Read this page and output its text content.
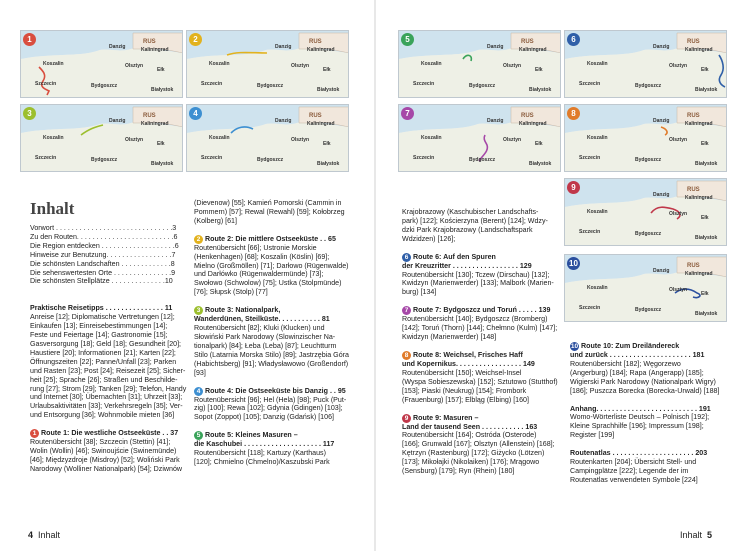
1	RUS
Kaliningrad
Koszalin
Danzig
Olsztyn
Ełk
Szczecin	Bydgoszcz
Białystok
2	RUS
Kaliningrad
Koszalin
Danzig
Olsztyn
Ełk
Szczecin	Bydgoszcz
Białystok
3	RUS
Kaliningrad
Koszalin
Danzig
Olsztyn
Ełk
Szczecin	Bydgoszcz
Białystok
4	RUS
Kaliningrad
Koszalin
Danzig
Olsztyn
Ełk
Szczecin	Bydgoszcz
Białystok
5	RUS
Kaliningrad
Koszalin
Danzig
Olsztyn
Ełk
Szczecin	Bydgoszcz
Białystok
6	RUS
Kaliningrad
Koszalin
Danzig
Olsztyn
Ełk
Szczecin	Bydgoszcz
Białystok
7	RUS
Kaliningrad
Koszalin
Danzig
Olsztyn
Ełk
Szczecin	Bydgoszcz
Białystok
8	RUS
Kaliningrad
Koszalin
Danzig
Olsztyn
Ełk
Szczecin	Bydgoszcz
Białystok
9	RUS
Kaliningrad
Koszalin
Danzig
Olsztyn
Ełk
Szczecin	Bydgoszcz
Białystok
10	RUS
Kaliningrad
Koszalin
Danzig
Olsztyn
Ełk
Szczecin	Bydgoszcz
Białystok
Inhalt
Vorwort . . . . . . . . . . . . . . . . . . . . . . . . . . . . . .3
Zu den Routen. . . . . . . . . . . . . . . . . . . . . . . . .6
Die Region entdecken . . . . . . . . . . . . . . . . . . .6
Hinweise zur Benutzung. . . . . . . . . . . . . . . . .7
Die schönsten Landschaften . . . . . . . . . . . . .8
Die sehenswertesten Orte . . . . . . . . . . . . . . .9
Die schönsten Stellplätze . . . . . . . . . . . . . .10
Praktische Reisetipps . . . . . . . . . . . . . . . 11
Anreise [12]; Diplomatische Vertretungen [12];
Einkaufen [13]; Einreisebestimmungen [14];
Feste und Feiertage [14]; Gastronomie [15];
Gasversorgung [18]; Geld [18]; Gesundheit [20];
Haustiere [20]; Informationen [21]; Karten [22];
Öffnungszeiten [22]; Panne/Unfall [23]; Parken
und Rasten [23]; Post [24]; Reisezeit [25]; Sicher-
heit [25]; Sprache [26]; Straßen und Beschilde-
rung [27]; Strom [29]; Tanken [29]; Telefon, Handy
und Internet [30]; Übernachten [31]; Uhrzeit [33];
Urlaubsaktivitäten [33]; Verkehrsregeln [35]; Ver-
und Entsorgung [36]; Wohnmobile mieten [36]
1 Route 1: Die westliche Ostseeküste . . 37
Routenübersicht [38]; Szczecin (Stettin) [41];
Wolin (Wollin) [46]; Swinoujście (Swinemünde)
[46]; Międzyzdroje (Misdroy) [52]; Woliński Park
Narodowy (Wolliner Nationalpark) [54]; Dziwnów
(Dievenow) [55]; Kamień Pomorski (Cammin in
Pommern) [57]; Rewal (Rewahl) [59]; Kołobrzeg
(Kolberg) [61]
2 Route 2: Die mittlere Ostseeküste . . 65
Routenübersicht [66]; Ustronie Morskie
(Henkenhagen) [68]; Koszalin (Köslin) [69];
Mielno (Großmöllen) [71]; Darłowo (Rügenwalde)
und Darłówko (Rügenwaldermünde) [73];
Swołowo (Schwolow) [75]; Ustka (Stolpmünde)
[76]; Słupsk (Stolp) [77]
3 Route 3: Nationalpark,
Wanderdünen, Steilküste. . . . . . . . . . . 81
Routenübersicht [82]; Kluki (Klucken) und
Słowiński Park Narodowy (Slowinzischer Na-
tionalpark) [84]; Łeba (Leba) [87]; Leuchtturm
Stilo (Latarnia Morska Stilo) [89]; Jastrzębia Góra
(Habichtsberg) [91]; Władysławowo (Großendorf)
[93]
4 Route 4: Die Ostseeküste bis Danzig . . 95
Routenübersicht [96]; Hel (Hela) [98]; Puck (Put-
zig) [100]; Rewa [102]; Gdynia (Gdingen) [103];
Sopot (Zoppot) [105]; Danzig (Gdańsk) [106]
5 Route 5: Kleines Masuren –
die Kaschubei . . . . . . . . . . . . . . . . . . . . 117
Routenübersicht [118]; Kartuzy (Karthaus)
[120]; Chmielno (Chmelno)/Kaszubski Park
Krajobrazowy (Kaschubischer Landschafts-
park) [122]; Kościerzyna (Berent) [124]; Wdzy-
dzki Park Krajobrazowy (Landschaftspark
Wdzidzen) [126];
6 Route 6: Auf den Spuren
der Kreuzritter . . . . . . . . . . . . . . . . . 129
Routenübersicht [130]; Tczew (Dirschau) [132];
Kwidzyn (Marienwerder) [133]; Malbork (Marien-
burg) [134]
7 Route 7: Bydgoszcz und Toruń . . . . . 139
Routenübersicht [140]; Bydgoszcz (Bromberg)
[142]; Toruń (Thorn) [144]; Chełmno (Kulm) [147];
Kwidzyn (Marienwerder) [148]
8 Route 8: Weichsel, Frisches Haff
und Kopernikus. . . . . . . . . . . . . . . . . 149
Routenübersicht [150]; Weichsel-Insel
(Wyspa Sobieszewska) [152]; Sztutowo (Stutthof)
[153]; Piaski (Neukrug) [154]; Frombork
(Frauenburg) [157]; Elbląg (Elbing) [160]
9 Route 9: Masuren –
Land der tausend Seen . . . . . . . . . . . 163
Routenübersicht [164]; Ostróda (Osterode)
[166]; Grunwald [167]; Olsztyn (Allenstein) [168];
Kętrzyn (Rastenburg) [172]; Giżycko (Lötzen)
[173]; Mikołajki (Nikolaiken) [176]; Mrągowo
(Sensburg) [179]; Ryn (Rhein) [180]
10 Route 10: Zum Dreiländereck
und zurück . . . . . . . . . . . . . . . . . . . . . 181
Routenübersicht [182]; Węgorzewo
(Angerburg) [184]; Rapa (Angerapp) [185];
Wigierski Park Narodowy (Nationalpark Wigry)
[186]; Puszcza Borecka (Borecka-Urwald) [188]
Anhang. . . . . . . . . . . . . . . . . . . . . . . . . . 191
Womo-Wörterliste Deutsch – Polnisch [192];
Kleine Sprachhilfe [196]; Impressum [198];
Register [199]
Routenatlas . . . . . . . . . . . . . . . . . . . . . 203
Routenkarten [204]; Übersicht Stell- und
Campingplätze [222]; Legende der im
Routenatlas verwendeten Symbole [224]
4 Inhalt	Inhalt 5
